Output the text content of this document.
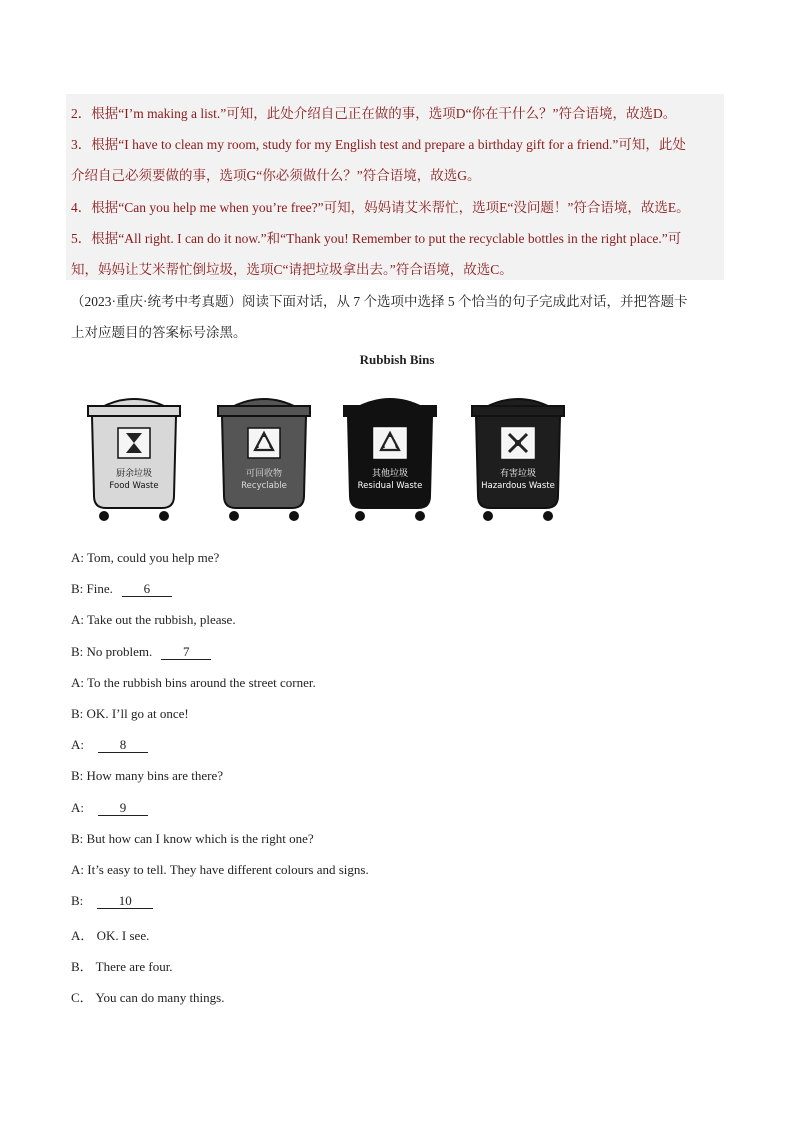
2．根据“I’m making a list.”可知，此处介绍自己正在做的事，选项D“你在干什么？”符合语境，故选D。
3．根据“I have to clean my room, study for my English test and prepare a birthday gift for a friend.”可知，此处
介绍自己必须要做的事，选项G“你必须做什么？”符合语境，故选G。
4．根据“Can you help me when you’re free?”可知，妈妈请艾米帮忙，选项E“没问题！”符合语境，故选E。
5．根据“All right. I can do it now.”和“Thank you! Remember to put the recyclable bottles in the right place.”可
知，妈妈让艾米帮忙倒垃圾，选项C“请把垃圾拿出去。”符合语境，故选C。
（2023·重庆·统考中考真题）阅读下面对话，从 7 个选项中选择 5 个恰当的句子完成此对话，并把答题卡
上对应题目的答案标号涂黑。
Rubbish Bins
厨余垃圾
Food Waste
可回收物
Recyclable
其他垃圾
Residual Waste
有害垃圾
Hazardous Waste
A: Tom, could you help me?
B: Fine. 6
A: Take out the rubbish, please.
B: No problem. 7
A: To the rubbish bins around the street corner.
B: OK. I’ll go at once!
A:	8
B: How many bins are there?
A:	9
B: But how can I know which is the right one?
A: It’s easy to tell. They have different colours and signs.
B:	10
A． OK. I see.
B． There are four.
C． You can do many things.
